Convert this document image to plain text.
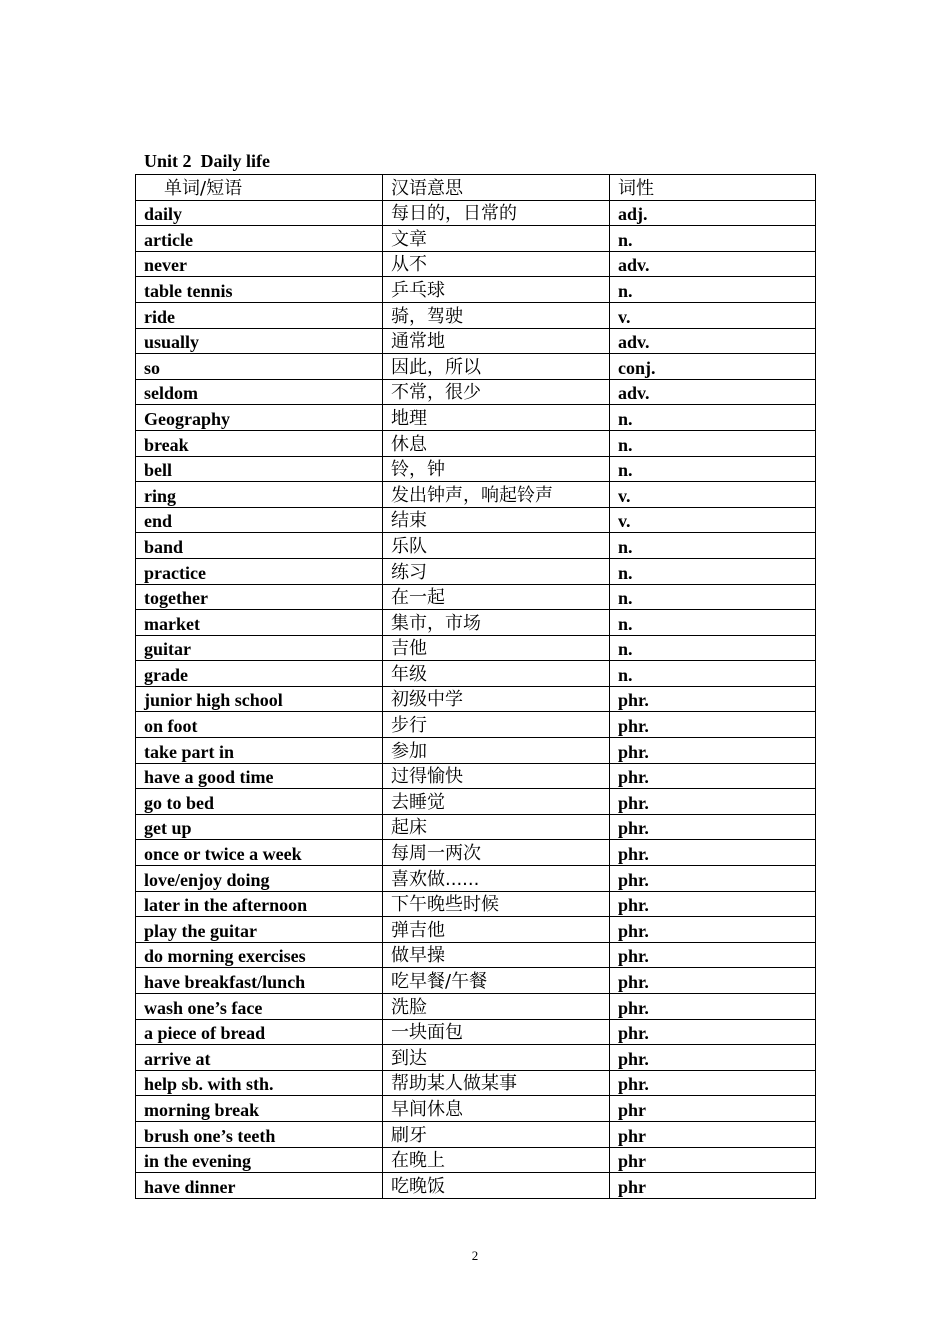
Unit 2  Daily life
单词/短语	汉语意思	词性
daily	每日的，日常的	adj.
article	文章	n.
never	从不	adv.
table tennis	乒乓球	n.
ride	骑，驾驶	v.
usually	通常地	adv.
so	因此，所以	conj.
seldom	不常，很少	adv.
Geography	地理	n.
break	休息	n.
bell	铃，钟	n.
ring	发出钟声，响起铃声	v.
end	结束	v.
band	乐队	n.
practice	练习	n.
together	在一起	n.
market	集市，市场	n.
guitar	吉他	n.
grade	年级	n.
junior high school	初级中学	phr.
on foot	步行	phr.
take part in	参加	phr.
have a good time	过得愉快	phr.
go to bed	去睡觉	phr.
get up	起床	phr.
once or twice a week	每周一两次	phr.
love/enjoy doing	喜欢做......	phr.
later in the afternoon	下午晚些时候	phr.
play the guitar	弹吉他	phr.
do morning exercises	做早操	phr.
have breakfast/lunch	吃早餐/午餐	phr.
wash one’s face	洗脸	phr.
a piece of bread	一块面包	phr.
arrive at	到达	phr.
help sb. with sth.	帮助某人做某事	phr.
morning break	早间休息	phr
brush one’s teeth	刷牙	phr
in the evening	在晚上	phr
have dinner	吃晚饭	phr
2
